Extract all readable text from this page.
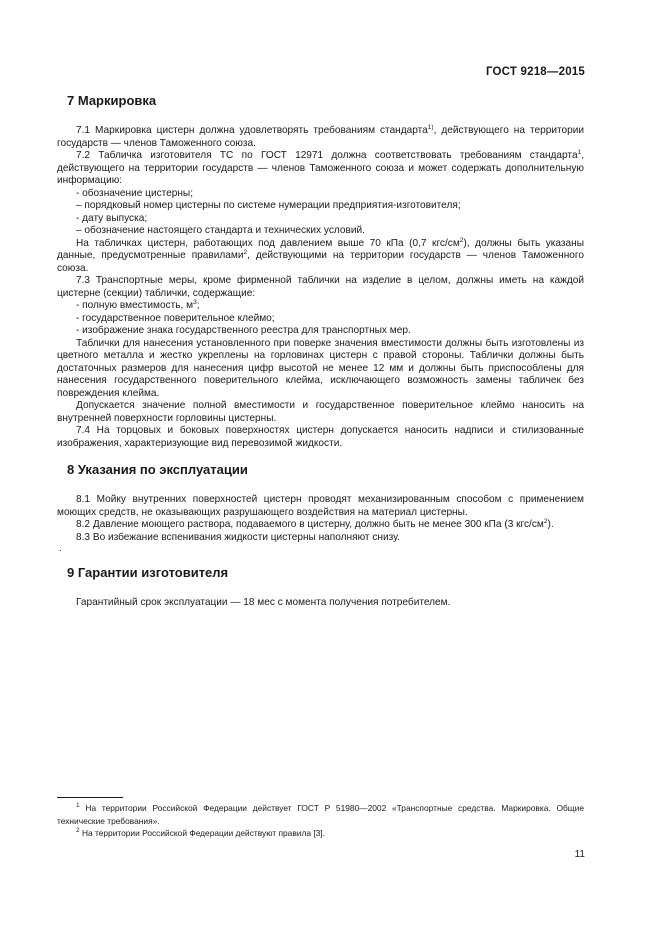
ГОСТ 9218—2015
7 Маркировка

7.1 Маркировка цистерн должна удовлетворять требованиям стандарта$^{1)}$, действующего на территории государств — членов Таможенного союза.

7.2 Табличка изготовителя ТС по ГОСТ 12971 должна соответствовать требованиям стандарта$^1$, действующего на территории государств — членов Таможенного союза и может содержать дополнительную информацию:

- обозначение цистерны;

– порядковый номер цистерны по системе нумерации предприятия-изготовителя;

- дату выпуска;

– обозначение настоящего стандарта и технических условий.

На табличках цистерн, работающих под давлением выше 70 кПа (0,7 кгс/$см^2$), должны быть указаны данные, предусмотренные правилами$^2$, действующими на территории государств — членов Таможенного союза.

7.3 Транспортные меры, кроме фирменной таблички на изделие в целом, должны иметь на каждой цистерне (секции) таблички, содержащие:

- полную вместимость, $м^3$;

- государственное поверительное клеймо;

- изображение знака государственного реестра для транспортных мер.

Таблички для нанесения установленного при поверке значения вместимости должны быть изготовлены из цветного металла и жестко укреплены на горловинах цистерн с правой стороны. Таблички должны быть достаточных размеров для нанесения цифр высотой не менее 12 мм и должны быть приспособлены для нанесения государственного поверительного клейма, исключающего возможность замены табличек без повреждения клейма.

Допускается значение полной вместимости и государственное поверительное клеймо наносить на внутренней поверхности горловины цистерны.

7.4 На торцовых и боковых поверхностях цистерн допускается наносить надписи и стилизованные изображения, характеризующие вид перевозимой жидкости.

8 Указания по эксплуатации

8.1 Мойку внутренних поверхностей цистерн проводят механизированным способом с применением моющих средств, не оказывающих разрушающего воздействия на материал цистерны.

8.2 Давление моющего раствора, подаваемого в цистерну, должно быть не менее 300 кПа (3 кгс/$см^2$).

8.3 Во избежание вспенивания жидкости цистерны наполняют снизу.

.

9 Гарантии изготовителя

Гарантийный срок эксплуатации — 18 мес с момента получения потребителем.

$^1$ На территории Российской Федерации действует ГОСТ Р 51980—2002 «Транспортные средства. Маркировка. Общие технические требования».

$^2$ На территории Российской Федерации действуют правила [3].

11
